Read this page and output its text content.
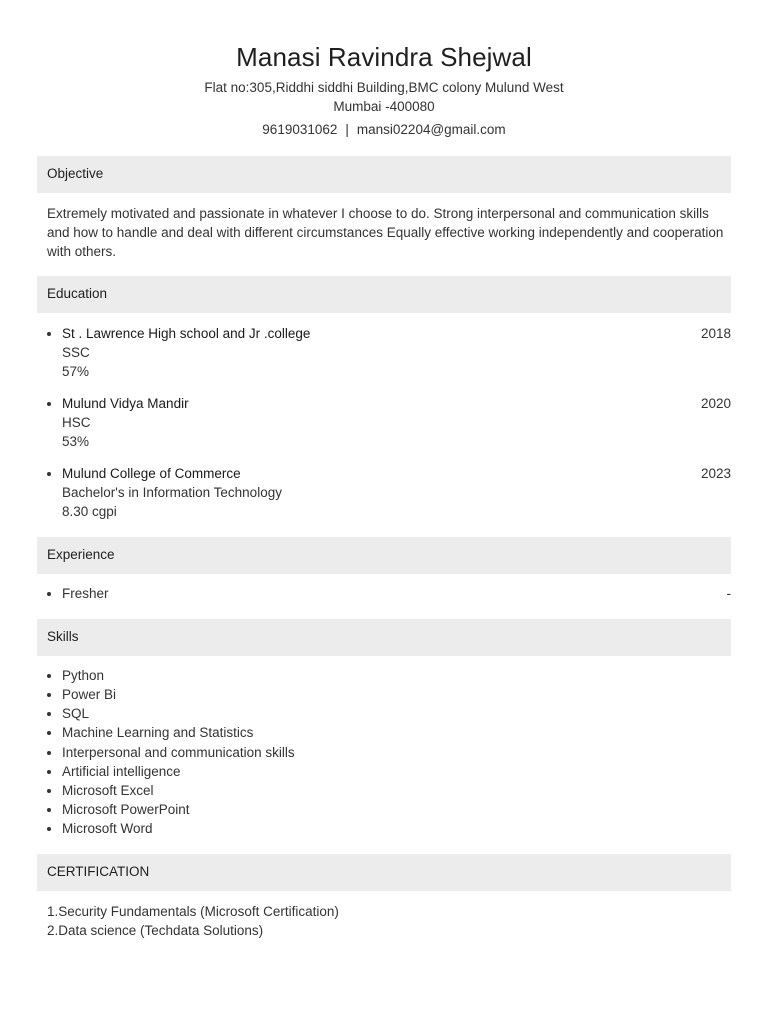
Manasi Ravindra Shejwal
Flat no:305,Riddhi siddhi Building,BMC colony Mulund West
Mumbai -400080
9619031062 | mansi02204@gmail.com
Objective
Extremely motivated and passionate in whatever I choose to do. Strong interpersonal and communication skills and how to handle and deal with different circumstances Equally effective working independently and cooperation with others.
Education
St . Lawrence High school and Jr .college	2018
SSC
57%
Mulund Vidya Mandir	2020
HSC
53%
Mulund College of Commerce	2023
Bachelor's in Information Technology
8.30 cgpi
Experience
Fresher	-
Skills
Python
Power Bi
SQL
Machine Learning and Statistics
Interpersonal and communication skills
Artificial intelligence
Microsoft Excel
Microsoft PowerPoint
Microsoft Word
CERTIFICATION
1.Security Fundamentals (Microsoft Certification)
2.Data science (Techdata Solutions)
